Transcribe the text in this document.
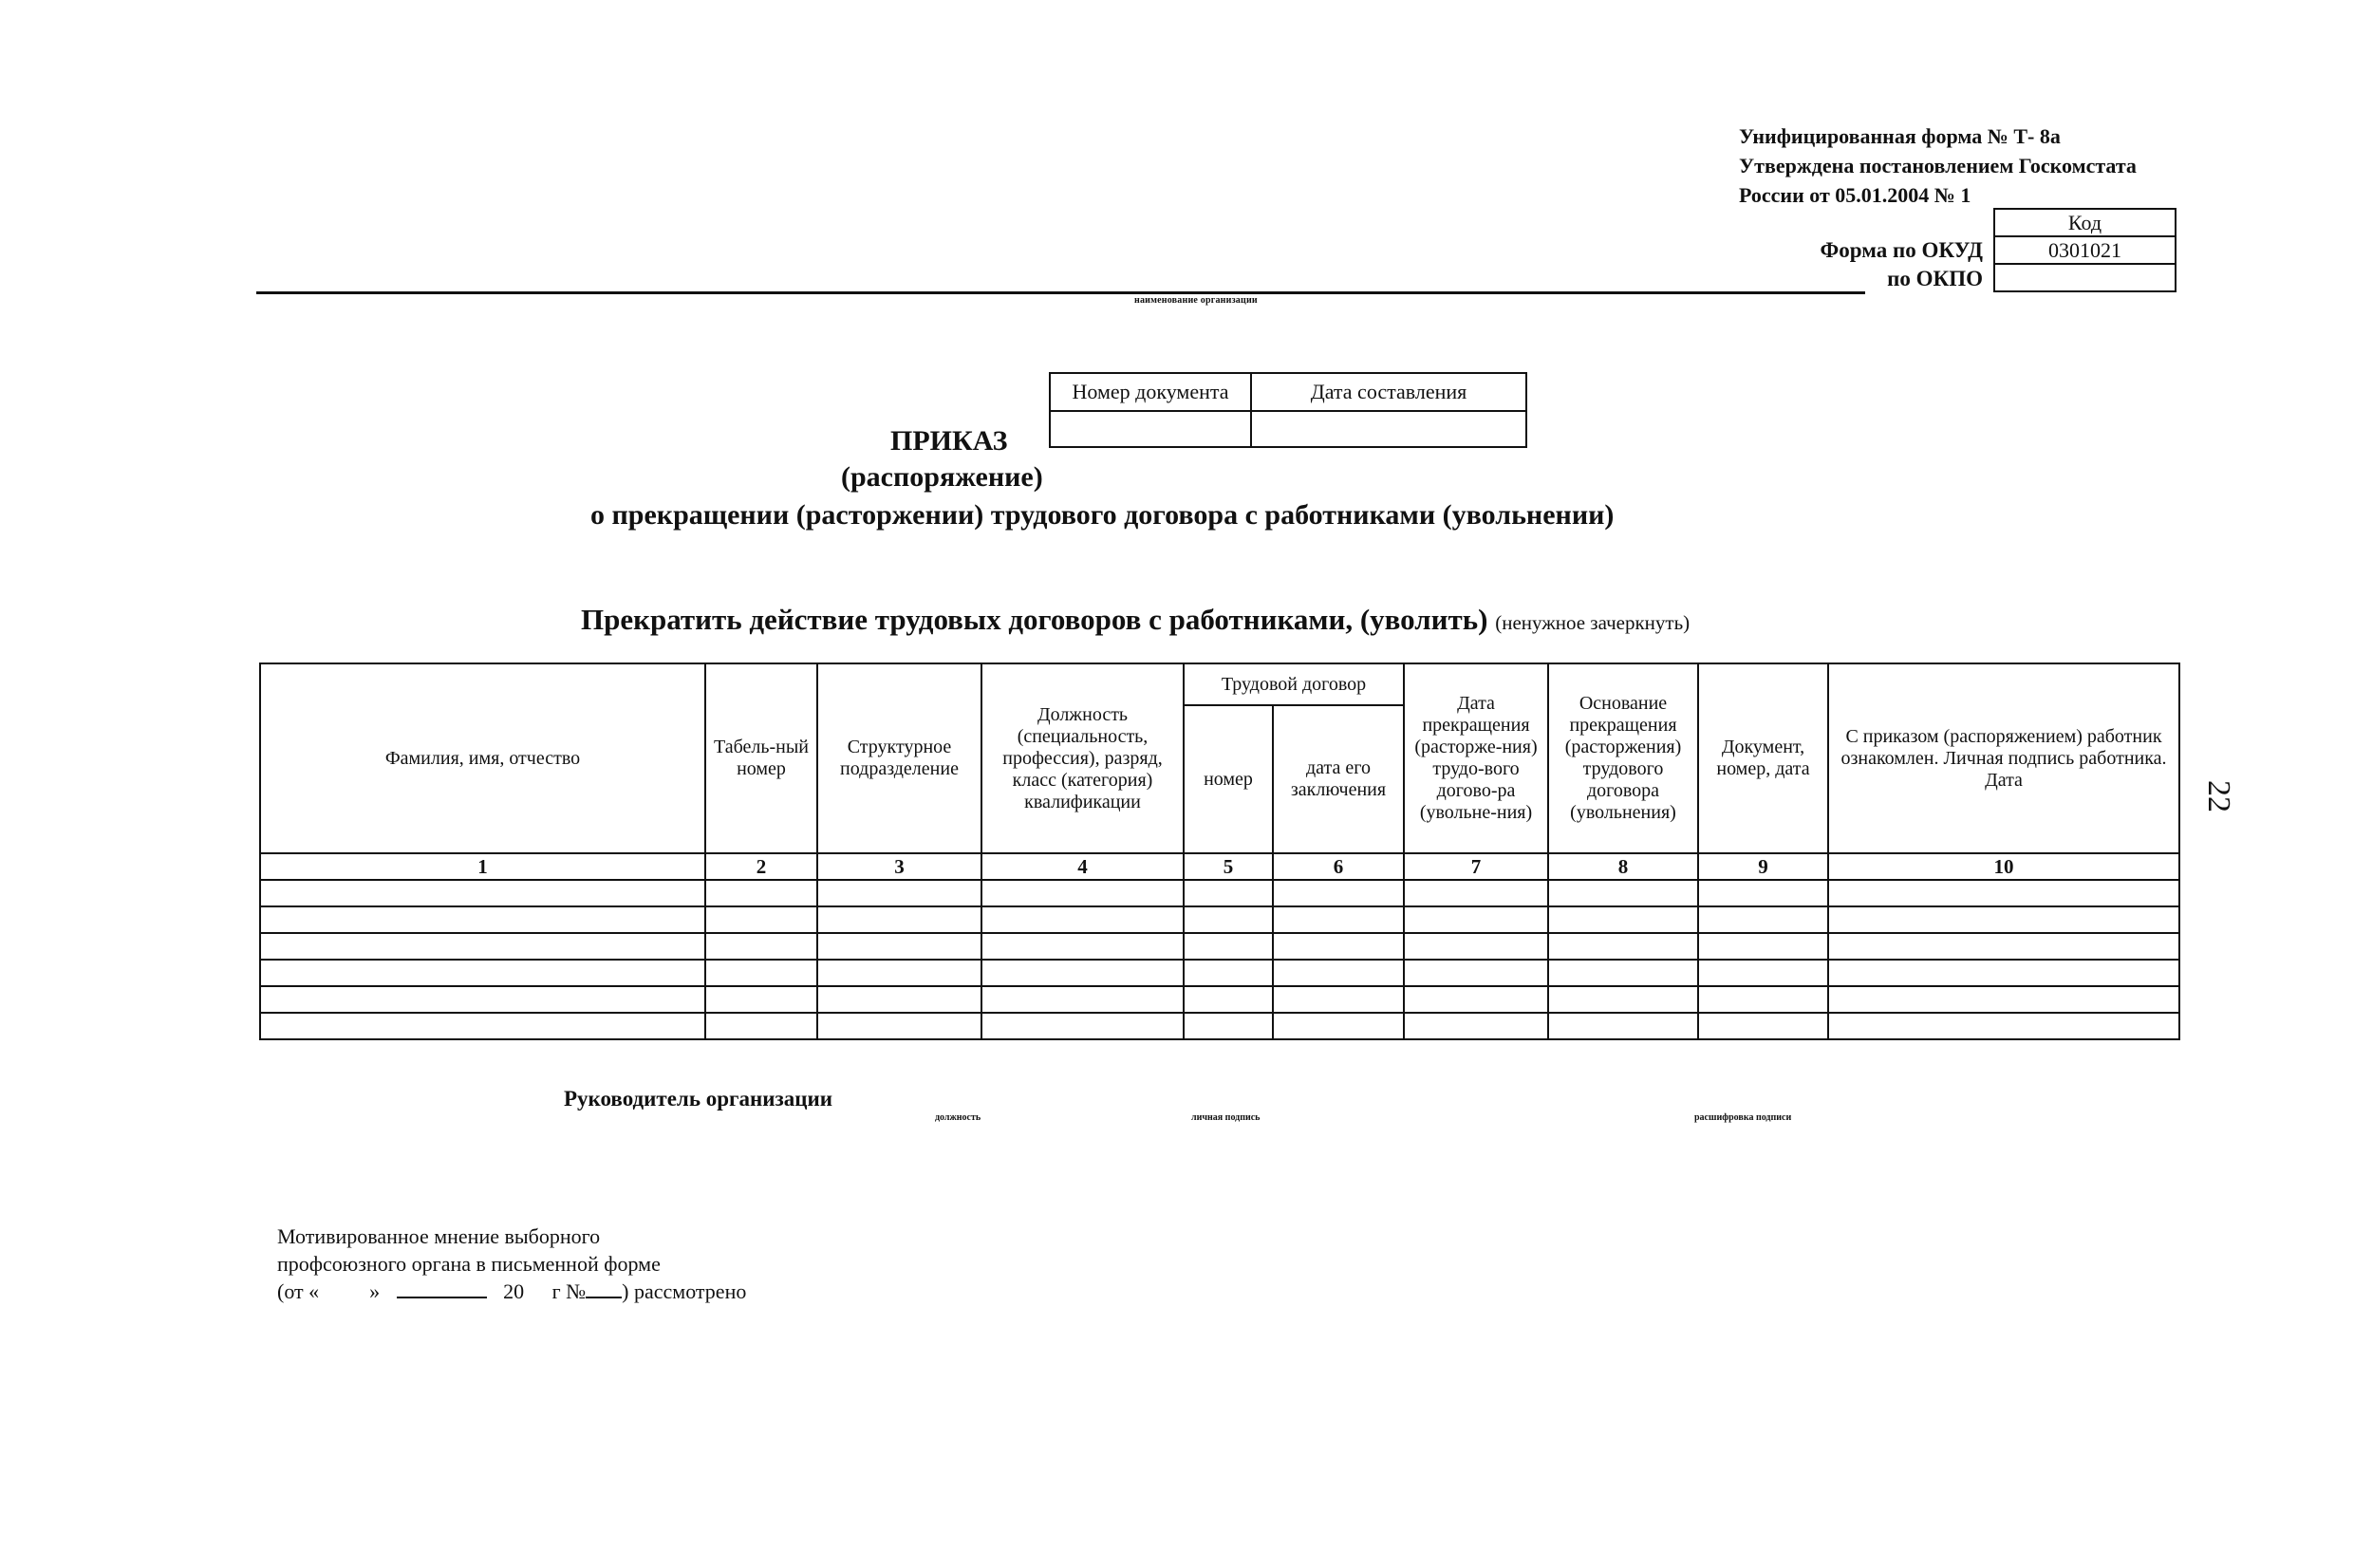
Унифицированная форма № Т- 8а
Утверждена постановлением Госкомстата
России от 05.01.2004 № 1
Форма по ОКУД
по ОКПО
Код
0301021

наименование организации
Номер документа	Дата составления

ПРИКАЗ
(распоряжение)
о прекращении (расторжении) трудового договора с работниками (увольнении)
Прекратить действие трудовых договоров с работниками, (уволить) (ненужное зачеркнуть)
Фамилия, имя, отчество	Табель-ный номер	Структурное подразделение	Должность (специальность, профессия), разряд, класс (категория) квалификации	Трудовой договор		Дата прекращения (расторже-ния) трудо-вого догово-ра (увольне-ния)	Основание прекращения (расторжения) трудового договора (увольнения)	Документ, номер, дата	С приказом (распоряжением) работник ознакомлен. Личная подпись работника. Дата
				номер	дата его заключения				
1	2	3	4	5	6	7	8	9	10

Руководитель организации
должность	личная подпись	расшифровка подписи
Мотивированное мнение выборного
профсоюзного органа в письменной форме
(от « »	20 г № ) рассмотрено
22
